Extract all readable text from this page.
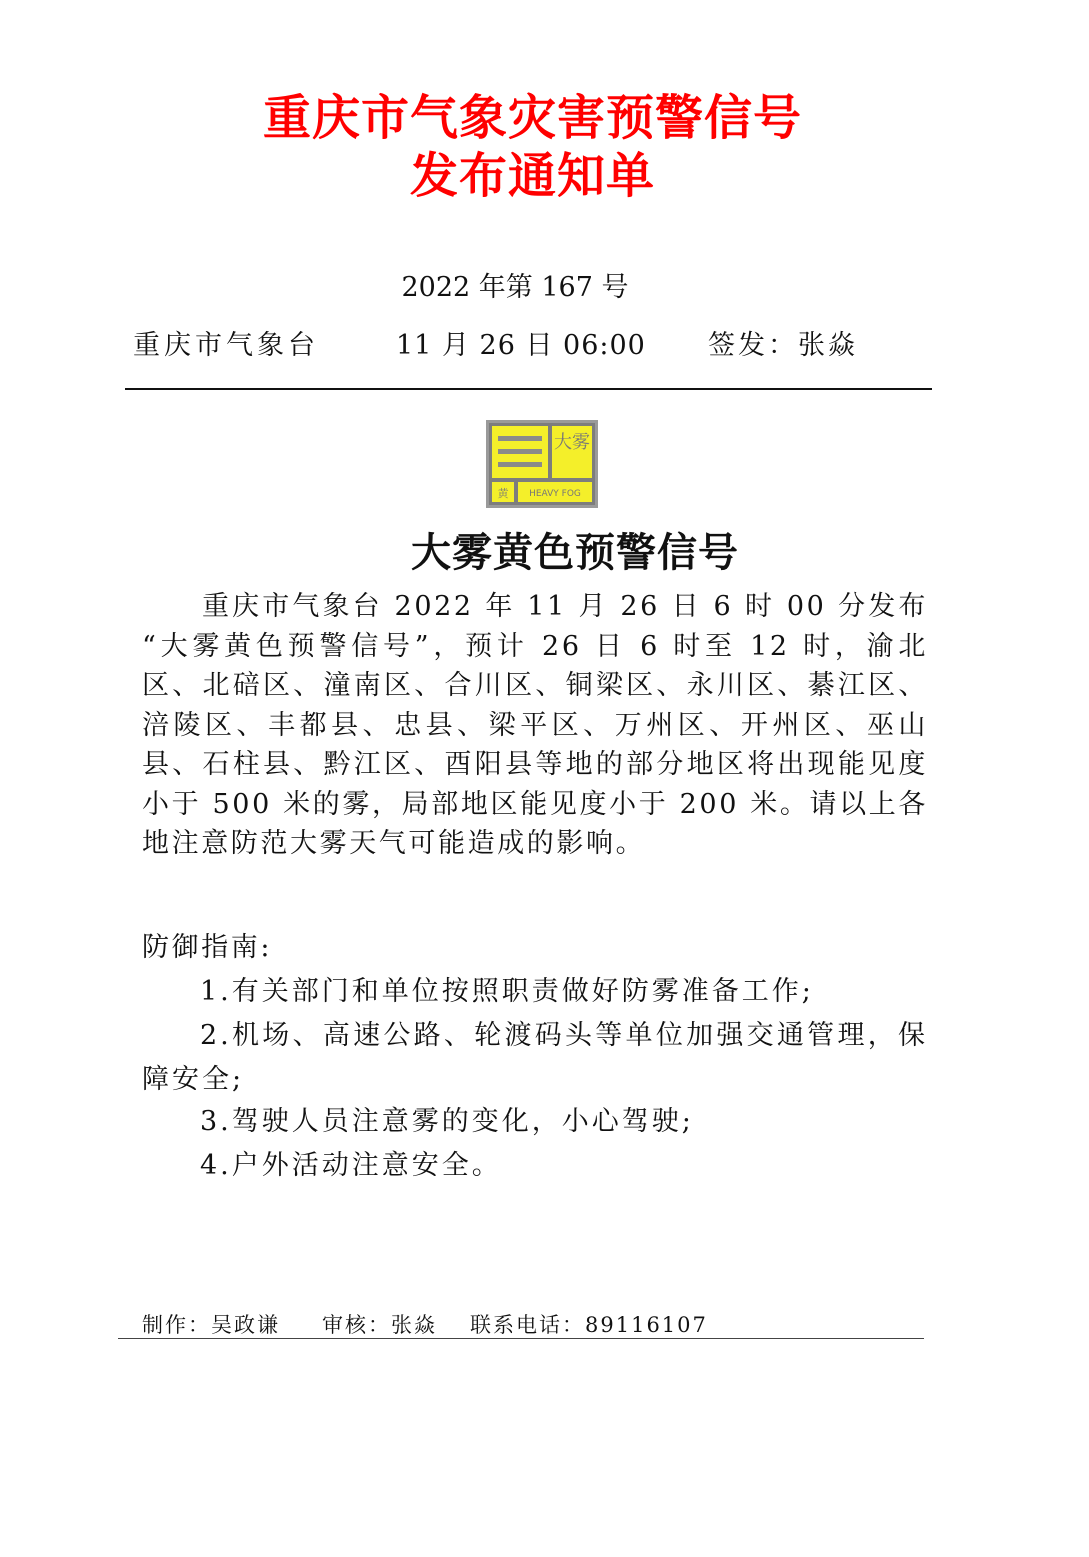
重庆市气象灾害预警信号
发布通知单
2022 年第 167 号
重庆市气象台	11 月 26 日 06:00 签发：张焱
大雾
黄 HEAVY FOG
大雾黄色预警信号
重庆市气象台 2022 年 11 月 26 日 6 时 00 分发布 “大雾黄色预警信号”，预计 26 日 6 时至 12 时，渝北区、北碚区、潼南区、合川区、铜梁区、永川区、綦江区、涪陵区、丰都县、忠县、梁平区、万州区、开州区、巫山县、石柱县、黔江区、酉阳县等地的部分地区将出现能见度小于 500 米的雾，局部地区能见度小于 200 米。请以上各地注意防范大雾天气可能造成的影响。
防御指南:
1.有关部门和单位按照职责做好防雾准备工作;
2.机场、高速公路、轮渡码头等单位加强交通管理，保障安全;
3.驾驶人员注意雾的变化，小心驾驶;
4.户外活动注意安全。
制作：吴政谦 审核：张焱 联系电话：89116107
